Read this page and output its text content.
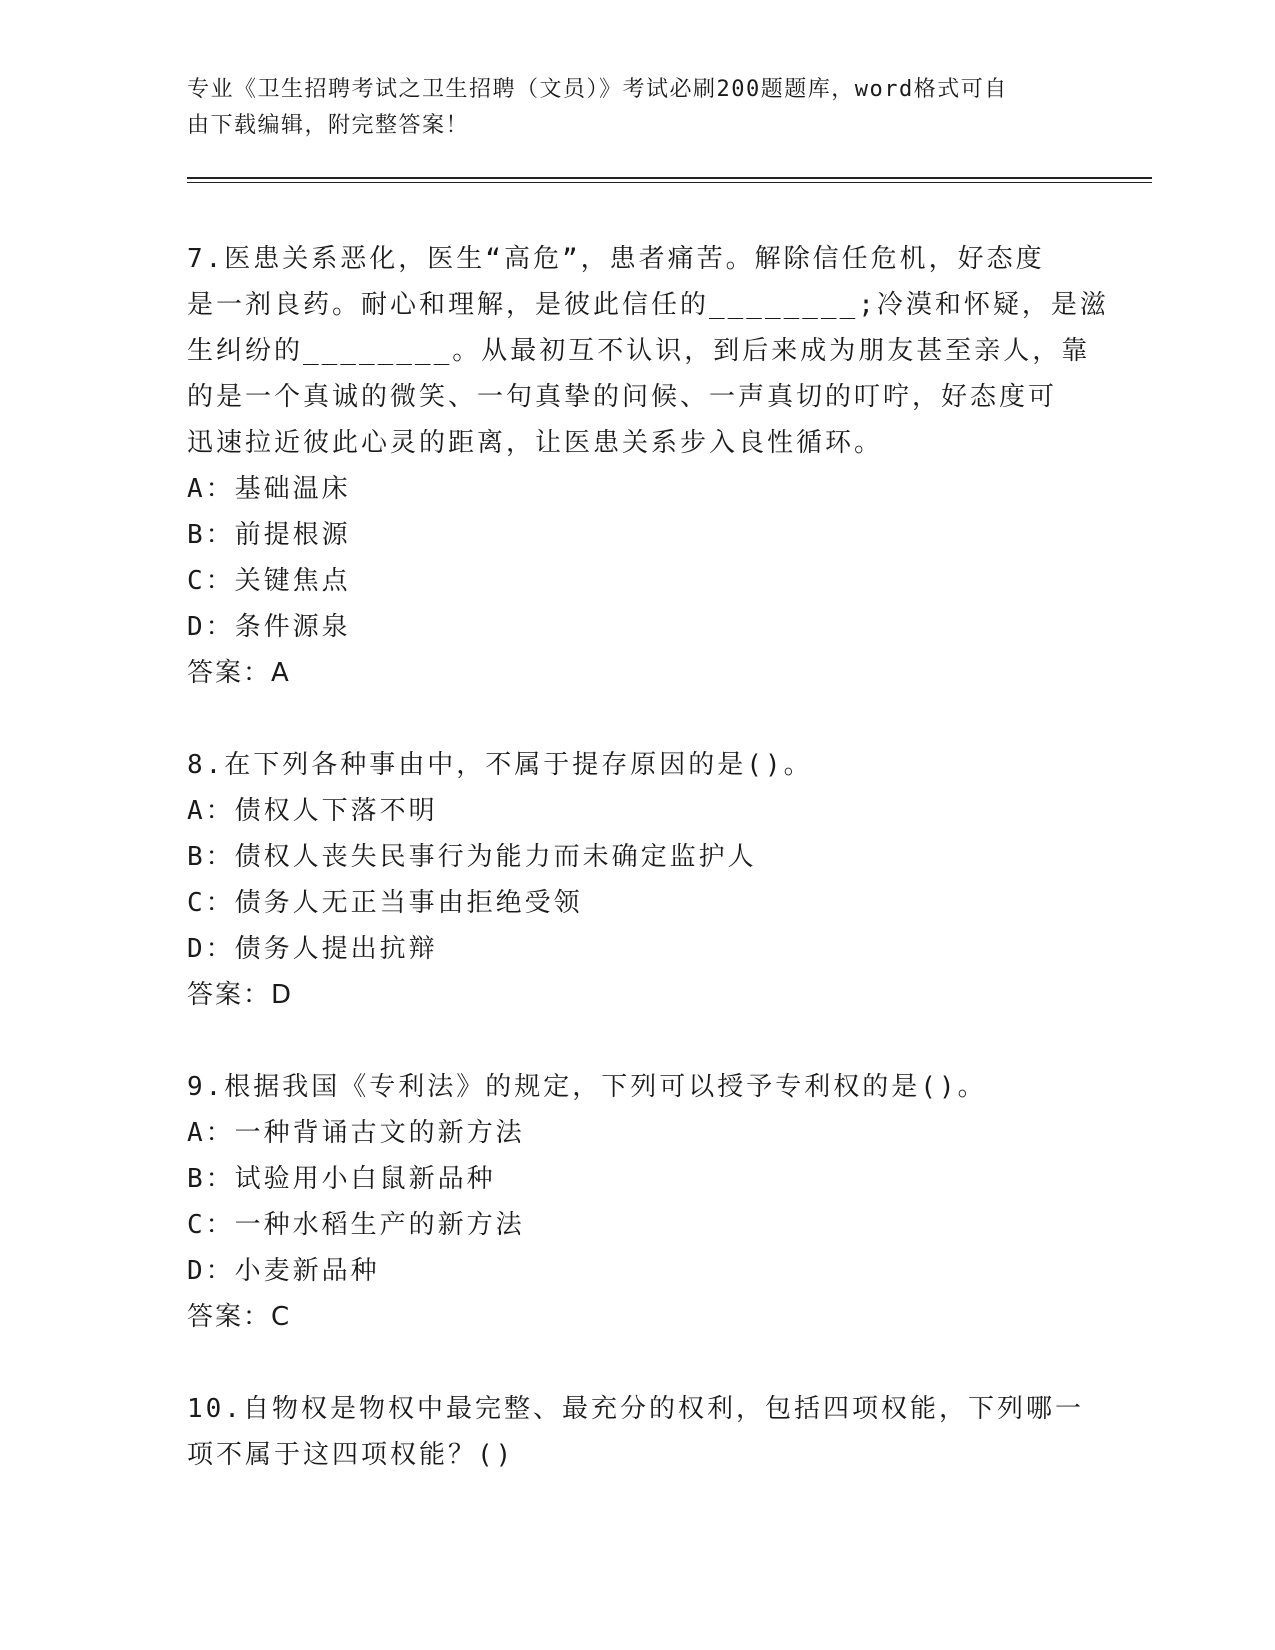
专业《卫生招聘考试之卫生招聘（文员）》考试必刷200题题库，word格式可自
由下载编辑，附完整答案！
7.医患关系恶化，医生“高危”，患者痛苦。解除信任危机，好态度
是一剂良药。耐心和理解，是彼此信任的________;冷漠和怀疑，是滋
生纠纷的________。从最初互不认识，到后来成为朋友甚至亲人，靠
的是一个真诚的微笑、一句真挚的问候、一声真切的叮咛，好态度可
迅速拉近彼此心灵的距离，让医患关系步入良性循环。
A：基础温床
B：前提根源
C：关键焦点
D：条件源泉
答案：A
8.在下列各种事由中，不属于提存原因的是()。
A：债权人下落不明
B：债权人丧失民事行为能力而未确定监护人
C：债务人无正当事由拒绝受领
D：债务人提出抗辩
答案：D
9.根据我国《专利法》的规定，下列可以授予专利权的是()。
A：一种背诵古文的新方法
B：试验用小白鼠新品种
C：一种水稻生产的新方法
D：小麦新品种
答案：C
10.自物权是物权中最完整、最充分的权利，包括四项权能，下列哪一
项不属于这四项权能？()
